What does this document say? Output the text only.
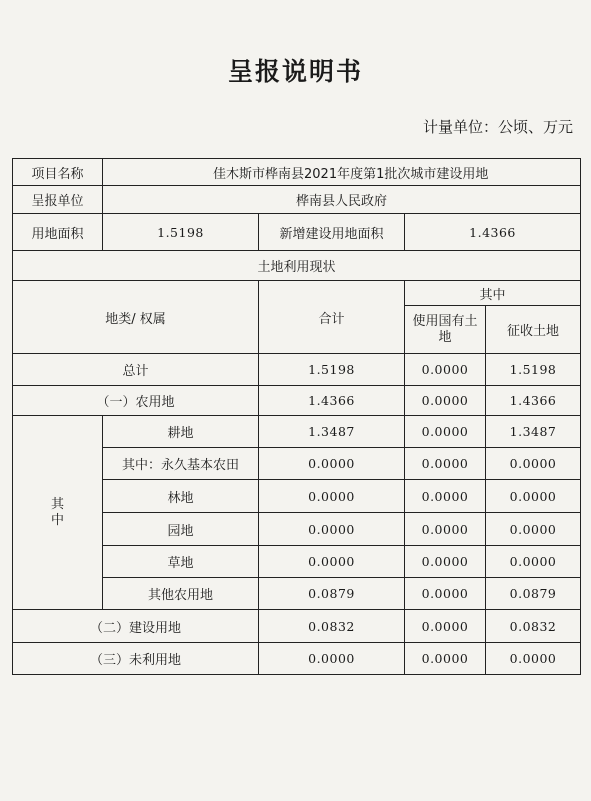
呈报说明书
计量单位：公顷、万元
项目名称	佳木斯市桦南县2021年度第1批次城市建设用地			
呈报单位	桦南县人民政府			
用地面积	1.5198	新增建设用地面积	1.4366	
土地利用现状				
地类/ 权属		合计	其中	
			使用国有土地	征收土地
总计		1.5198	0.0000	1.5198
（一）农用地		1.4366	0.0000	1.4366
其
中	耕地	1.3487	0.0000	1.3487
	其中：永久基本农田	0.0000	0.0000	0.0000
	林地	0.0000	0.0000	0.0000
	园地	0.0000	0.0000	0.0000
	草地	0.0000	0.0000	0.0000
	其他农用地	0.0879	0.0000	0.0879
（二）建设用地		0.0832	0.0000	0.0832
（三）未利用地		0.0000	0.0000	0.0000
